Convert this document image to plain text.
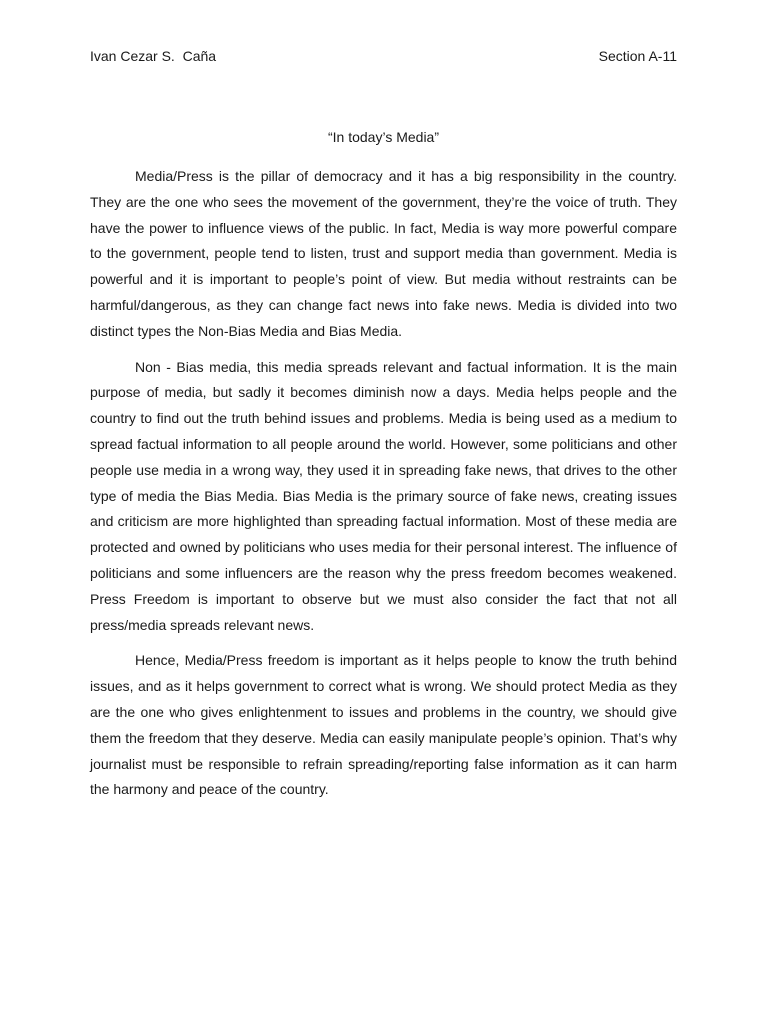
Ivan Cezar S.  Caña	Section A-11
“In today’s Media”

Media/Press is the pillar of democracy and it has a big responsibility in the country. They are the one who sees the movement of the government, they’re the voice of truth. They have the power to influence views of the public. In fact, Media is way more powerful compare to the government, people tend to listen, trust and support media than government. Media is powerful and it is important to people’s point of view. But media without restraints can be harmful/dangerous, as they can change fact news into fake news. Media is divided into two distinct types the Non-Bias Media and Bias Media.

Non - Bias media, this media spreads relevant and factual information. It is the main purpose of media, but sadly it becomes diminish now a days. Media helps people and the country to find out the truth behind issues and problems. Media is being used as a medium to spread factual information to all people around the world. However, some politicians and other people use media in a wrong way, they used it in spreading fake news, that drives to the other type of media the Bias Media. Bias Media is the primary source of fake news, creating issues and criticism are more highlighted than spreading factual information. Most of these media are protected and owned by politicians who uses media for their personal interest. The influence of politicians and some influencers are the reason why the press freedom becomes weakened. Press Freedom is important to observe but we must also consider the fact that not all press/media spreads relevant news.

Hence, Media/Press freedom is important as it helps people to know the truth behind issues, and as it helps government to correct what is wrong. We should protect Media as they are the one who gives enlightenment to issues and problems in the country, we should give them the freedom that they deserve. Media can easily manipulate people’s opinion. That’s why journalist must be responsible to refrain spreading/reporting false information as it can harm the harmony and peace of the country.
